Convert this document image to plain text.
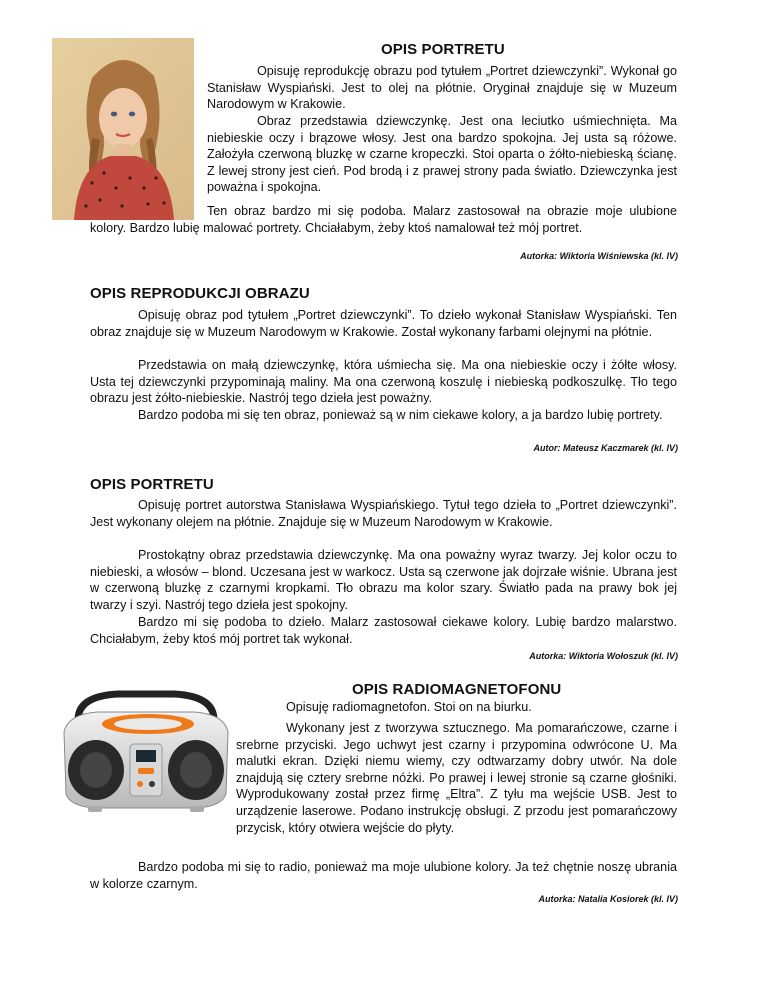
OPIS PORTRETU

Opisuję reprodukcję obrazu pod tytułem „Portret dziewczynki”. Wykonał go Stanisław Wyspiański. Jest to olej na płótnie. Oryginał znajduje się w Muzeum Narodowym w Krakowie.

Obraz przedstawia dziewczynkę. Jest ona leciutko uśmiechnięta. Ma niebieskie oczy i brązowe włosy. Jest ona bardzo spokojna. Jej usta są różowe. Założyła czerwoną bluzkę w czarne kropeczki. Stoi oparta o żółto-niebieską ścianę. Z lewej strony jest cień. Pod brodą i z prawej strony pada światło. Dziewczynka jest poważna i spokojna.

Ten obraz bardzo mi się podoba. Malarz zastosował na obrazie moje ulubione kolory. Bardzo lubię malować portrety. Chciałabym, żeby ktoś namalował też mój portret.

Autorka: Wiktoria Wiśniewska (kl. IV)

OPIS REPRODUKCJI OBRAZU

Opisuję obraz pod tytułem „Portret dziewczynki”. To dzieło wykonał Stanisław Wyspiański. Ten obraz znajduje się w Muzeum Narodowym w Krakowie. Został wykonany farbami olejnymi na płótnie.

Przedstawia on małą dziewczynkę, która uśmiecha się. Ma ona niebieskie oczy i żółte włosy. Usta tej dziewczynki przypominają maliny. Ma ona czerwoną koszulę i niebieską podkoszulkę. Tło tego obrazu jest żółto-niebieskie. Nastrój tego dzieła jest poważny.

Bardzo podoba mi się ten obraz, ponieważ są w nim ciekawe kolory, a ja bardzo lubię portrety.

Autor: Mateusz Kaczmarek (kl. IV)

OPIS PORTRETU

Opisuję portret autorstwa Stanisława Wyspiańskiego. Tytuł tego dzieła to „Portret dziewczynki”. Jest wykonany olejem na płótnie. Znajduje się w Muzeum Narodowym w Krakowie.

Prostokątny obraz przedstawia dziewczynkę. Ma ona poważny wyraz twarzy. Jej kolor oczu to niebieski, a włosów – blond. Uczesana jest w warkocz. Usta są czerwone jak dojrzałe wiśnie. Ubrana jest w czerwoną bluzkę z czarnymi kropkami. Tło obrazu ma kolor szary. Światło pada na prawy bok jej twarzy i szyi. Nastrój tego dzieła jest spokojny.

Bardzo mi się podoba to dzieło. Malarz zastosował ciekawe kolory. Lubię bardzo malarstwo. Chciałabym, żeby ktoś mój portret tak wykonał.

Autorka: Wiktoria Wołoszuk (kl. IV)

OPIS RADIOMAGNETOFONU

Opisuję radiomagnetofon. Stoi on na biurku.

Wykonany jest z tworzywa sztucznego. Ma pomarańczowe, czarne i srebrne przyciski. Jego uchwyt jest czarny i przypomina odwrócone U. Ma malutki ekran. Dzięki niemu wiemy, czy odtwarzamy dobry utwór. Na dole znajdują się cztery srebrne nóżki. Po prawej i lewej stronie są czarne głośniki. Wyprodukowany został przez firmę „Eltra”. Z tyłu ma wejście USB. Jest to urządzenie laserowe. Podano instrukcję obsługi. Z przodu jest pomarańczowy przycisk, który otwiera wejście do płyty.

Bardzo podoba mi się to radio, ponieważ ma moje ulubione kolory. Ja też chętnie noszę ubrania w kolorze czarnym.

Autorka: Natalia Kosiorek (kl. IV)
